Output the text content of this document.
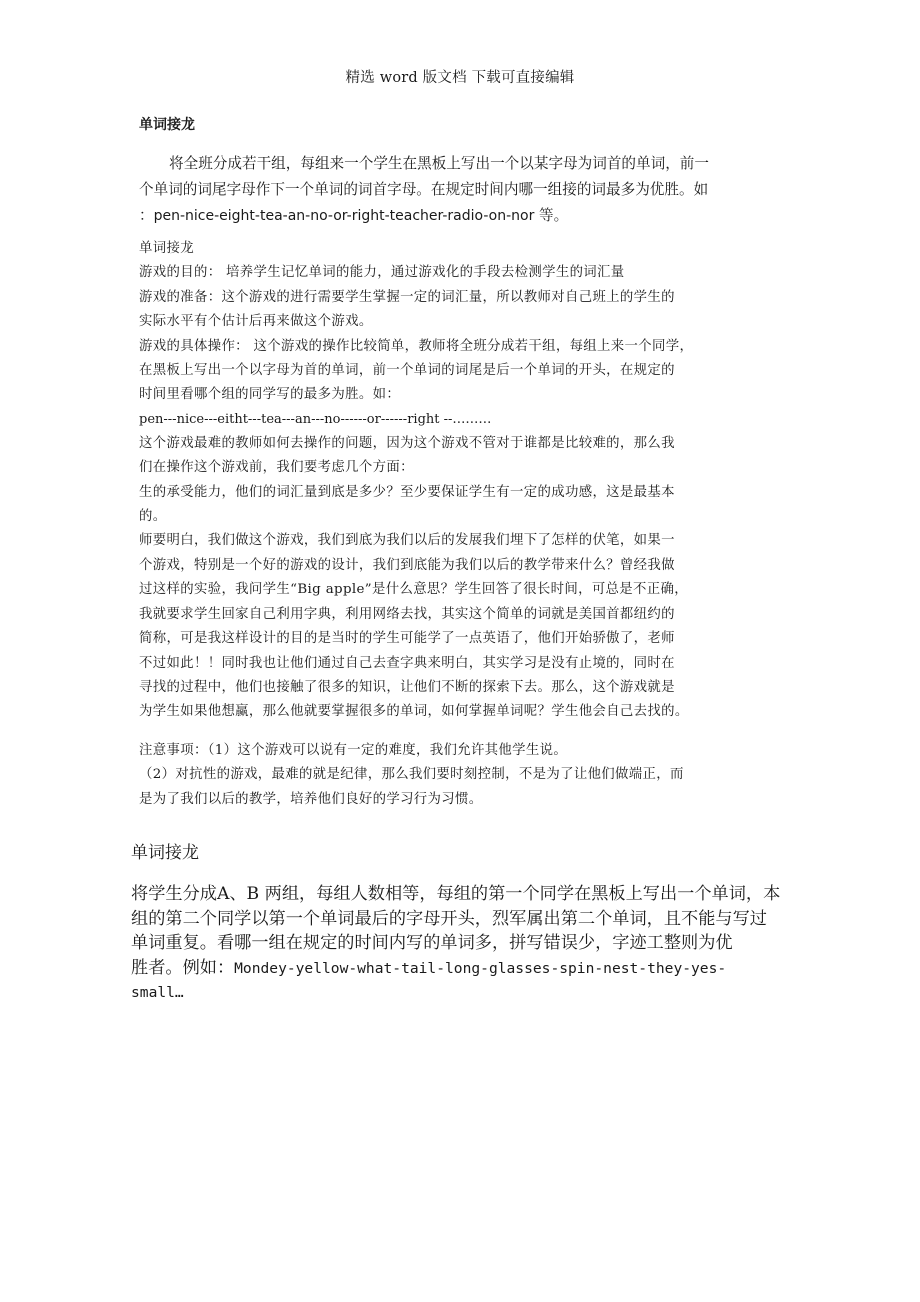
精选 word 版文档 下载可直接编辑
单词接龙
将全班分成若干组，每组来一个学生在黑板上写出一个以某字母为词首的单词，前一
个单词的词尾字母作下一个单词的词首字母。在规定时间内哪一组接的词最多为优胜。如
：pen-nice-eight-tea-an-no-or-right-teacher-radio-on-nor 等。

单词接龙

游戏的目的： 培养学生记忆单词的能力，通过游戏化的手段去检测学生的词汇量

游戏的准备：这个游戏的进行需要学生掌握一定的词汇量，所以教师对自己班上的学生的

实际水平有个估计后再来做这个游戏。

游戏的具体操作： 这个游戏的操作比较简单，教师将全班分成若干组，每组上来一个同学，

在黑板上写出一个以字母为首的单词，前一个单词的词尾是后一个单词的开头，在规定的

时间里看哪个组的同学写的最多为胜。如：

pen---nice---eitht---tea---an---no------or------right --………

这个游戏最难的教师如何去操作的问题，因为这个游戏不管对于谁都是比较难的，那么我

们在操作这个游戏前，我们要考虑几个方面：

生的承受能力，他们的词汇量到底是多少？至少要保证学生有一定的成功感，这是最基本

的。

师要明白，我们做这个游戏，我们到底为我们以后的发展我们埋下了怎样的伏笔，如果一

个游戏，特别是一个好的游戏的设计，我们到底能为我们以后的教学带来什么？曾经我做

过这样的实验，我问学生“Big apple”是什么意思？学生回答了很长时间，可总是不正确，

我就要求学生回家自己利用字典，利用网络去找，其实这个简单的词就是美国首都纽约的

简称，可是我这样设计的目的是当时的学生可能学了一点英语了，他们开始骄傲了，老师

不过如此！！同时我也让他们通过自己去查字典来明白，其实学习是没有止境的，同时在

寻找的过程中，他们也接触了很多的知识，让他们不断的探索下去。那么，这个游戏就是

为学生如果他想赢，那么他就要掌握很多的单词，如何掌握单词呢？学生他会自己去找的。

注意事项：（1）这个游戏可以说有一定的难度，我们允许其他学生说。

（2）对抗性的游戏，最难的就是纪律，那么我们要时刻控制，不是为了让他们做端正，而

是为了我们以后的教学，培养他们良好的学习行为习惯。

单词接龙
将学生分成A、B 两组，每组人数相等，每组的第一个同学在黑板上写出一个单词，本
组的第二个同学以第一个单词最后的字母开头，烈军属出第二个单词，且不能与写过
单词重复。看哪一组在规定的时间内写的单词多，拼写错误少，字迹工整则为优
胜者。例如：Mondey-yellow-what-tail-long-glasses-spin-nest-they-yes-
small…
